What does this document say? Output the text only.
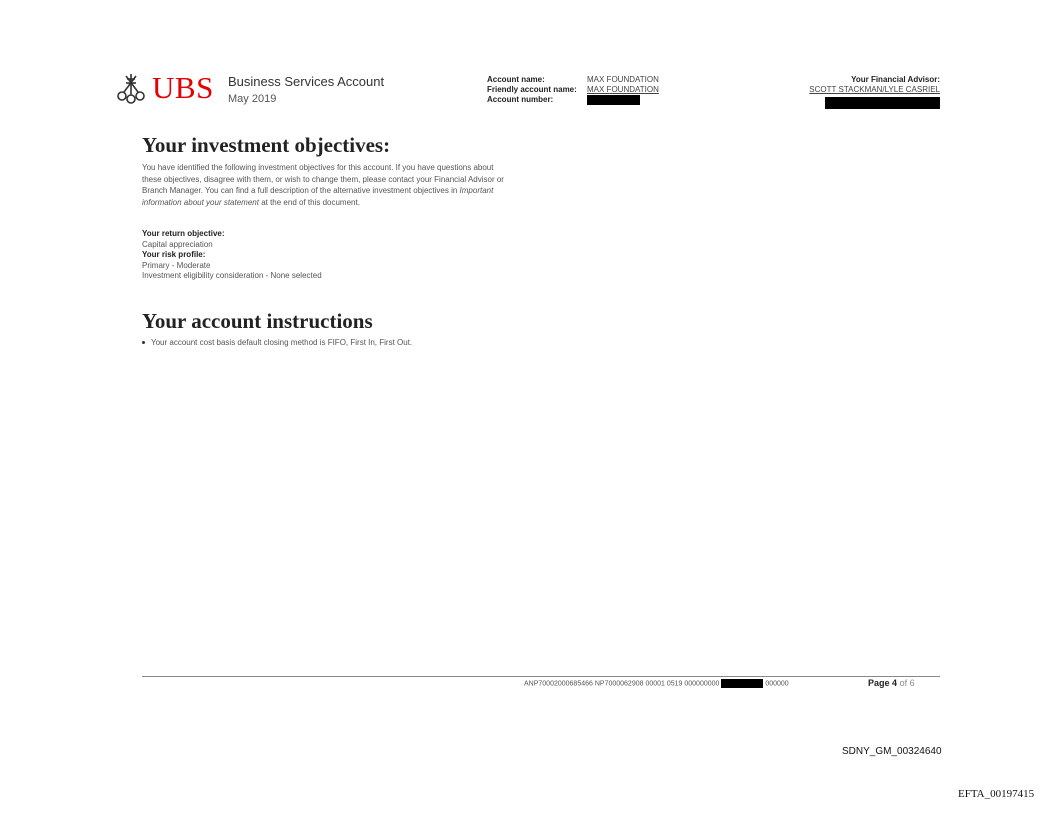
UBS Business Services Account
May 2019
Account name:
Friendly account name:
Account number:
MAX FOUNDATION
MAX FOUNDATION
Your Financial Advisor:
SCOTT STACKMAN/LYLE CASRIEL
Your investment objectives:
You have identified the following investment objectives for this account. If you have questions about these objectives, disagree with them, or wish to change them, please contact your Financial Advisor or Branch Manager. You can find a full description of the alternative investment objectives in Important information about your statement at the end of this document.
Your return objective:
Capital appreciation
Your risk profile:
Primary - Moderate
Investment eligibility consideration - None selected
Your account instructions
Your account cost basis default closing method is FIFO, First In, First Out.
ANP70002000685466 NP7000062908 00001 0519 000000000	000000	Page 4 of 6
SDNY_GM_00324640
EFTA_00197415
